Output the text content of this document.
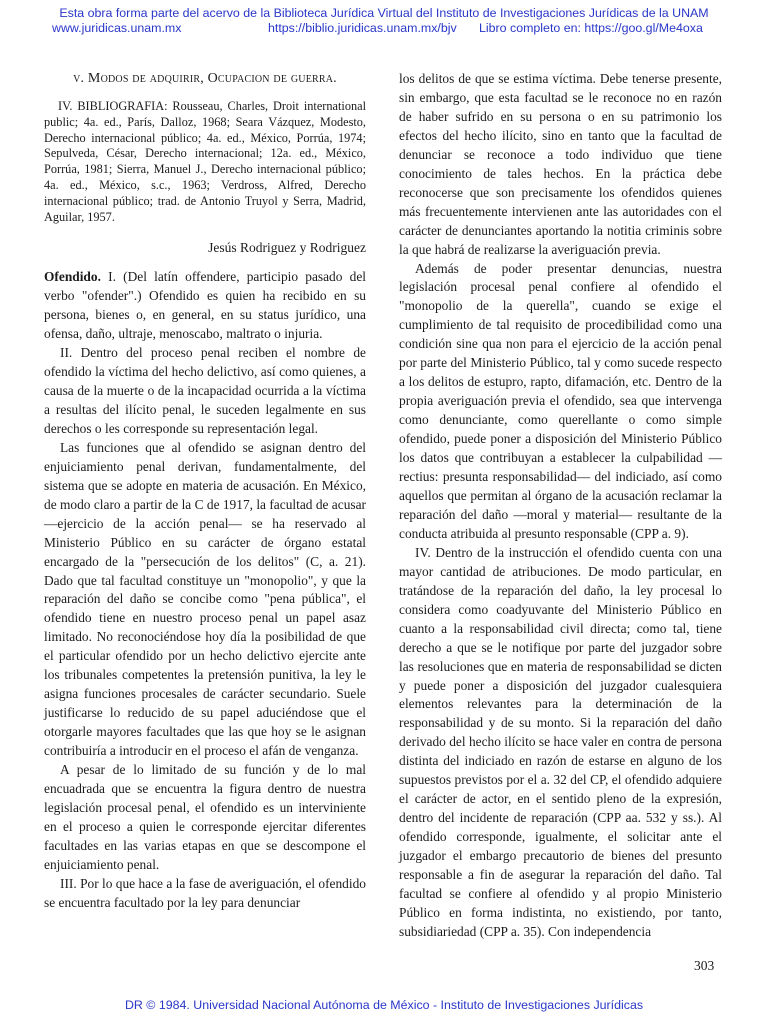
Esta obra forma parte del acervo de la Biblioteca Jurídica Virtual del Instituto de Investigaciones Jurídicas de la UNAM
www.juridicas.unam.mx	https://biblio.juridicas.unam.mx/bjv Libro completo en: https://goo.gl/Me4oxa
v. Modos de adquirir, Ocupacion de guerra.
IV. BIBLIOGRAFIA: Rousseau, Charles, Droit international public; 4a. ed., París, Dalloz, 1968; Seara Vázquez, Modesto, Derecho internacional público; 4a. ed., México, Porrúa, 1974; Sepulveda, César, Derecho internacional; 12a. ed., México, Porrúa, 1981; Sierra, Manuel J., Derecho internacional público; 4a. ed., México, s.c., 1963; Verdross, Alfred, Derecho internacional público; trad. de Antonio Truyol y Serra, Madrid, Aguilar, 1957.
Jesús Rodriguez y Rodriguez

Ofendido. I. (Del latín offendere, participio pasado del verbo "ofender".) Ofendido es quien ha recibido en su persona, bienes o, en general, en su status jurídico, una ofensa, daño, ultraje, menoscabo, maltrato o injuria.

II. Dentro del proceso penal reciben el nombre de ofendido la víctima del hecho delictivo, así como quienes, a causa de la muerte o de la incapacidad ocurrida a la víctima a resultas del ilícito penal, le suceden legalmente en sus derechos o les corresponde su representación legal.

Las funciones que al ofendido se asignan dentro del enjuiciamiento penal derivan, fundamentalmente, del sistema que se adopte en materia de acusación. En México, de modo claro a partir de la C de 1917, la facultad de acusar —ejercicio de la acción penal— se ha reservado al Ministerio Público en su carácter de órgano estatal encargado de la "persecución de los delitos" (C, a. 21). Dado que tal facultad constituye un "monopolio", y que la reparación del daño se concibe como "pena pública", el ofendido tiene en nuestro proceso penal un papel asaz limitado. No reconociéndose hoy día la posibilidad de que el particular ofendido por un hecho delictivo ejercite ante los tribunales competentes la pretensión punitiva, la ley le asigna funciones procesales de carácter secundario. Suele justificarse lo reducido de su papel aduciéndose que el otorgarle mayores facultades que las que hoy se le asignan contribuiría a introducir en el proceso el afán de venganza.

A pesar de lo limitado de su función y de lo mal encuadrada que se encuentra la figura dentro de nuestra legislación procesal penal, el ofendido es un interviniente en el proceso a quien le corresponde ejercitar diferentes facultades en las varias etapas en que se descompone el enjuiciamiento penal.

III. Por lo que hace a la fase de averiguación, el ofendido se encuentra facultado por la ley para denunciar

los delitos de que se estima víctima. Debe tenerse presente, sin embargo, que esta facultad se le reconoce no en razón de haber sufrido en su persona o en su patrimonio los efectos del hecho ilícito, sino en tanto que la facultad de denunciar se reconoce a todo individuo que tiene conocimiento de tales hechos. En la práctica debe reconocerse que son precisamente los ofendidos quienes más frecuentemente intervienen ante las autoridades con el carácter de denunciantes aportando la notitia criminis sobre la que habrá de realizarse la averiguación previa.

Además de poder presentar denuncias, nuestra legislación procesal penal confiere al ofendido el "monopolio de la querella", cuando se exige el cumplimiento de tal requisito de procedibilidad como una condición sine qua non para el ejercicio de la acción penal por parte del Ministerio Público, tal y como sucede respecto a los delitos de estupro, rapto, difamación, etc. Dentro de la propia averiguación previa el ofendido, sea que intervenga como denunciante, como querellante o como simple ofendido, puede poner a disposición del Ministerio Público los datos que contribuyan a establecer la culpabilidad —rectius: presunta responsabilidad— del indiciado, así como aquellos que permitan al órgano de la acusación reclamar la reparación del daño —moral y material— resultante de la conducta atribuida al presunto responsable (CPP a. 9).

IV. Dentro de la instrucción el ofendido cuenta con una mayor cantidad de atribuciones. De modo particular, en tratándose de la reparación del daño, la ley procesal lo considera como coadyuvante del Ministerio Público en cuanto a la responsabilidad civil directa; como tal, tiene derecho a que se le notifique por parte del juzgador sobre las resoluciones que en materia de responsabilidad se dicten y puede poner a disposición del juzgador cualesquiera elementos relevantes para la determinación de la responsabilidad y de su monto. Si la reparación del daño derivado del hecho ilícito se hace valer en contra de persona distinta del indiciado en razón de estarse en alguno de los supuestos previstos por el a. 32 del CP, el ofendido adquiere el carácter de actor, en el sentido pleno de la expresión, dentro del incidente de reparación (CPP aa. 532 y ss.). Al ofendido corresponde, igualmente, el solicitar ante el juzgador el embargo precautorio de bienes del presunto responsable a fin de asegurar la reparación del daño. Tal facultad se confiere al ofendido y al propio Ministerio Público en forma indistinta, no existiendo, por tanto, subsidiariedad (CPP a. 35). Con independencia

303
DR © 1984. Universidad Nacional Autónoma de México - Instituto de Investigaciones Jurídicas
